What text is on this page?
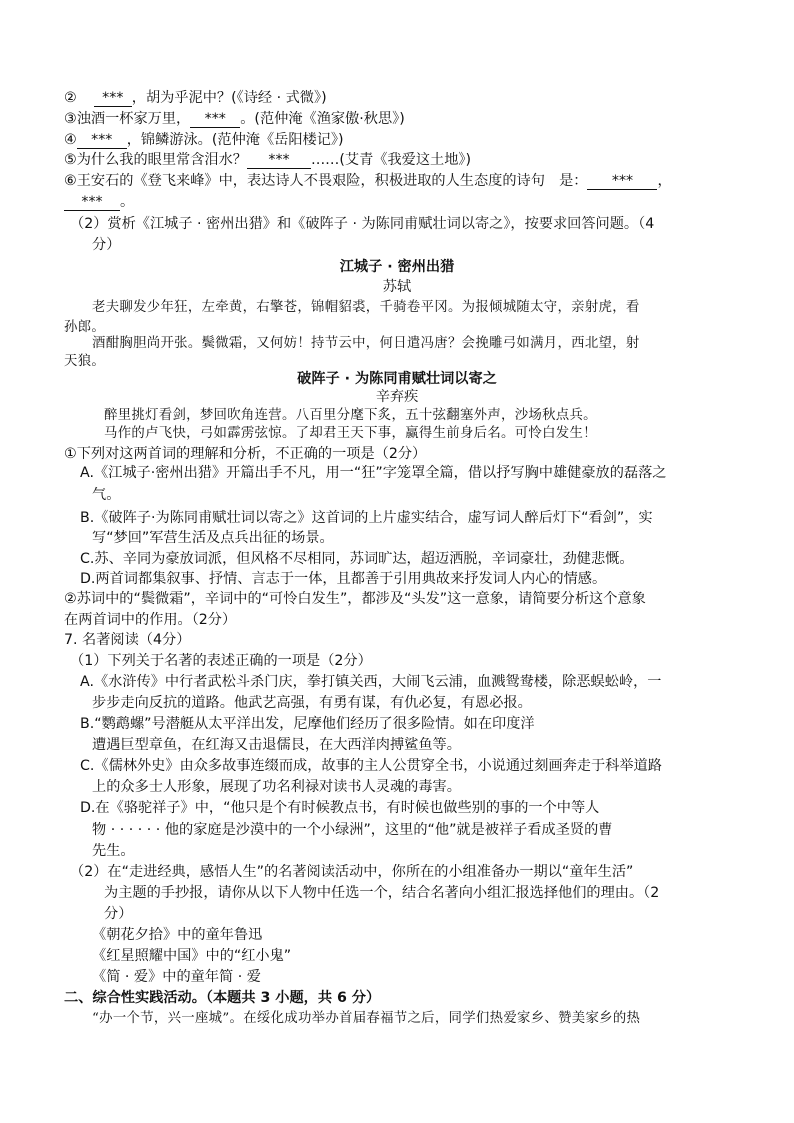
② *** ，胡为乎泥中？(《诗经 · 式微》)
③浊酒一杯家万里， *** 。(范仲淹《渔家傲·秋思》)
④ *** ，锦鳞游泳。(范仲淹《岳阳楼记》)
⑤为什么我的眼里常含泪水？ *** ……(艾青《我爱这土地》)
⑥王安石的《登飞来峰》中，表达诗人不畏艰险，积极进取的人生态度的诗句　是： *** ，
*** 。
（2）赏析《江城子 · 密州出猎》和《破阵子 · 为陈同甫赋壮词以寄之》，按要求回答问题。（4
分）
江城子 · 密州出猎
苏轼
老夫聊发少年狂，左牵黄，右擎苍，锦帽貂裘，千骑卷平冈。为报倾城随太守，亲射虎，看
孙郎。
酒酣胸胆尚开张。鬓微霜，又何妨！持节云中，何日遣冯唐？会挽雕弓如满月，西北望，射
天狼。
破阵子 · 为陈同甫赋壮词以寄之
辛弃疾
醉里挑灯看剑，梦回吹角连营。八百里分麾下炙，五十弦翻塞外声，沙场秋点兵。
马作的卢飞快，弓如霹雳弦惊。了却君王天下事，赢得生前身后名。可怜白发生！
①下列对这两首词的理解和分析，不正确的一项是（2分）
A.《江城子·密州出猎》开篇出手不凡，用一“狂”字笼罩全篇，借以抒写胸中雄健豪放的磊落之
气。
B.《破阵子·为陈同甫赋壮词以寄之》这首词的上片虚实结合，虚写词人醉后灯下“看剑”，实
写“梦回”军营生活及点兵出征的场景。
C.苏、辛同为豪放词派，但风格不尽相同，苏词旷达，超迈洒脱，辛词豪壮，劲健悲慨。
D.两首词都集叙事、抒情、言志于一体，且都善于引用典故来抒发词人内心的情感。
②苏词中的“鬓微霜”，辛词中的“可怜白发生”，都涉及“头发”这一意象，请简要分析这个意象
在两首词中的作用。（2分）
7. 名著阅读（4分）
（1）下列关于名著的表述正确的一项是（2分）
A.《水浒传》中行者武松斗杀门庆，拳打镇关西，大闹飞云浦，血溅鸳鸯楼，除恶蜈蚣岭，一
步步走向反抗的道路。他武艺高强，有勇有谋，有仇必复，有恩必报。
B.“鹦鹉螺”号潜艇从太平洋出发，尼摩他们经历了很多险情。如在印度洋
遭遇巨型章鱼，在红海又击退儒艮，在大西洋肉搏鲨鱼等。
C.《儒林外史》由众多故事连缀而成，故事的主人公贯穿全书，小说通过刻画奔走于科举道路
上的众多士人形象，展现了功名利禄对读书人灵魂的毒害。
D.在《骆驼祥子》中，“他只是个有时候教点书，有时候也做些别的事的一个中等人
物 · · · · · · 他的家庭是沙漠中的一个小绿洲”，这里的“他”就是被祥子看成圣贤的曹
先生。
（2）在“走进经典，感悟人生”的名著阅读活动中，你所在的小组准备办一期以“童年生活”
为主题的手抄报，请你从以下人物中任选一个，结合名著向小组汇报选择他们的理由。（2
分）
《朝花夕拾》中的童年鲁迅
《红星照耀中国》中的“红小鬼”
《简 · 爱》中的童年简 · 爱
二、综合性实践活动。（本题共 3 小题，共 6 分）
“办一个节，兴一座城”。在绥化成功举办首届春福节之后，同学们热爱家乡、赞美家乡的热
